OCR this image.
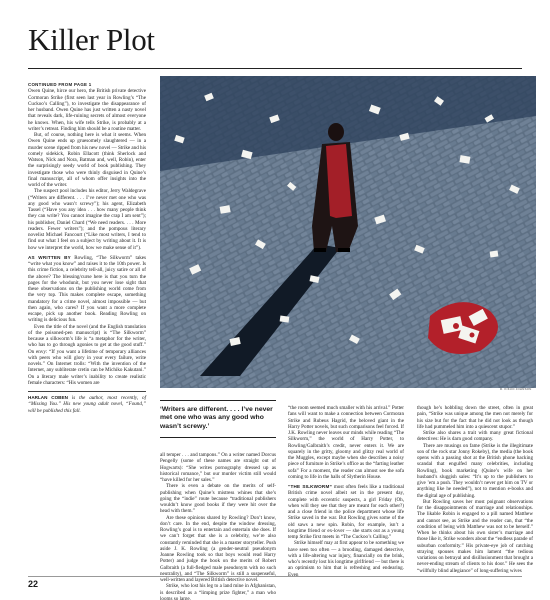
Killer Plot

CONTINUED FROM PAGE 1

Owen Quine, hirce our hero, the British private detective Cormoran Strike (first seen last year in Rowling’s “The Cuckoo’s Calling”), to investigate the disappearance of her husband. Owen Quine has just written a nasty novel that reveals dark, life-ruining secrets of almost everyone he knows. When, his wife tells Strike, is probably at a writer’s retreat. Finding him should be a routine matter.

But, of course, nothing here is what it seems. When Owen Quine ends up gruesomely slaughtered — in a murder scene ripped from his new novel — Strike and his comely sidekick, Robin Ellacott (think Sherlock and Watson, Nick and Nora, Batman and, well, Robin), enter the surprisingly seedy world of book publishing. They investigate those who were thinly disguised in Quine’s final manuscript, all of whom offer insights into the world of the writer.

The suspect pool includes his editor, Jerry Waldegrave (“Writers are different. . . . I’ve never met one who was any good who wasn’t screwy”); his agent, Elizabeth Tassel (“Have you any idea . . . how many people think they can write? You cannot imagine the crap I am sent”); his publisher, Daniel Chard (“We need readers. . . . More readers. Fewer writers”); and the pompous literary novelist Michael Fancourt (“Like most writers, I tend to find out what I feel on a subject by writing about it. It is how we interpret the world, how we make sense of it”).

AS WRITTEN BY Rowling, “The Silkworm” takes “write what you know” and raises it to the 10th power. Is this crime fiction, a celebrity tell-all, juicy satire or all of the above? The blessing/curse here is that you turn the pages for the whodunit, but you never lose sight that these observations on the publishing world come from the very top. This makes complete escape, something mandatory for a crime novel, almost impossible — but then again, who cares? If you want a more complete escape, pick up another book. Reading Rowling on writing is delicious fun.

Even the title of the novel (and the English translation of the poisoned-pen manuscript) is “The Silkworm” because a silkworm’s life is “a metaphor for the writer, who has to go through agonies to get at the good stuff.” On envy: “If you want a lifetime of temporary alliances with peers who will glory in your every failure, write novels.” On Internet trolls: “With the invention of the Internet, any subliterate cretin can be Michiko Kakutani.” On a literary male writer’s inability to create realistic female characters: “His women are

HARLAN COBEN is the author, most recently, of “Missing You.” His new young adult novel, “Found,” will be published this fall.

R. KIKUO JOHNSON
‘Writers are different. . . . I’ve never met one who was any good who wasn’t screwy.’

all temper . . . and tampons.” On a writer named Dorcus Pengelly (some of these names are straight out of Hogwarts): “She writes pornography dressed up as historical romance,” but our murder victim still would “have killed for her sales.”

There is even a debate on the merits of self-publishing when Quine’s mistress whines that she’s going the “indie” route because “traditional publishers wouldn’t know good books if they were hit over the head with them.”

Are these opinions shared by Rowling? Don’t know, don’t care. In the end, despite the window dressing, Rowling’s goal is to entertain and entertain she does. If we can’t forget that she is a celebrity, we’re also constantly reminded that she is a master storyteller. Push aside J. K. Rowling (a gender-neutral pseudonym Joanne Rowling took so that boys would read Harry Potter) and judge the book on the merits of Robert Galbraith (a full-fledged male pseudonym with no such neutrality), and “The Silkworm” is still a suspenseful, well-written and layered British detective novel.

Strike, who lost his leg to a land mine in Afghanistan, is described as a “limping prize fighter,” a man who looms so large,

“the room seemed much smaller with his arrival.” Potter fans will want to make a connection between Cormoran Strike and Rubeus Hagrid, the beloved giant in the Harry Potter novels, but such comparisons feel forced. If J.K. Rowling never leaves our minds while reading “The Silkworm,” the world of Harry Potter, to Rowling/Galbraith’s credit, never enters it. We are squarely in the gritty, gloomy and glitzy real world of the Muggles, except maybe when she describes a noisy piece of furniture in Strike’s office as the “farting leather sofa” For a moment, the reader can almost see the sofa coming to life in the halls of Slytherin House.

“THE SILKWORM” most often feels like a traditional British crime novel albeit set in the present day, complete with eccentric suspects, a girl Friday (Oh, when will they see that they are meant for each other?) and a close friend in the police department whose life Strike saved in the war. But Rowling gives some of the old saws a new spin. Robin, for example, isn’t a longtime friend or ex-lover — she starts out as a young temp Strike first meets in “The Cuckoo’s Calling.”

Strike himself may at first appear to be something we have seen too often — a brooding, damaged detective, with a life-altering war injury, financially on the brink, who’s recently lost his longtime girlfriend — but there is an optimism to him that is refreshing and endearing. Even

though he’s hobbling down the street, often in great pain, “Strike was unique among the men not merely for his size but for the fact that he did not look as though life had pummeled him into a quiescent stupor.”

Strike also shares a trait with many great fictional detectives: He is darn good company.

There are musings on fame (Strike is the illegitimate son of the rock star Jonny Rokeby), the media (the book opens with a passing shot at the British phone hacking scandal that engulfed many celebrities, including Rowling), book marketing (Quine’s wife on her husband’s sluggish sales: “It’s up to the publishers to give ’em a push. They wouldn’t never get him on TV or anything like he needed”), not to mention e-books and the digital age of publishing.

But Rowling saves her most poignant observations for the disappointments of marriage and relationships. The likable Robin is engaged to a pill named Matthew and cannot see, as Strike and the reader can, that “the condition of being with Matthew was not to be herself.” When he thinks about his own sister’s marriage and those like it, Strike wonders about the “endless parade of suburban conformity.” His private-eye job of catching straying spouses makes him lament “the tedious variations on betrayal and disillusionment that brought a never-ending stream of clients to his door.” He sees the “willfully blind allegiance” of long-suffering wives

22
